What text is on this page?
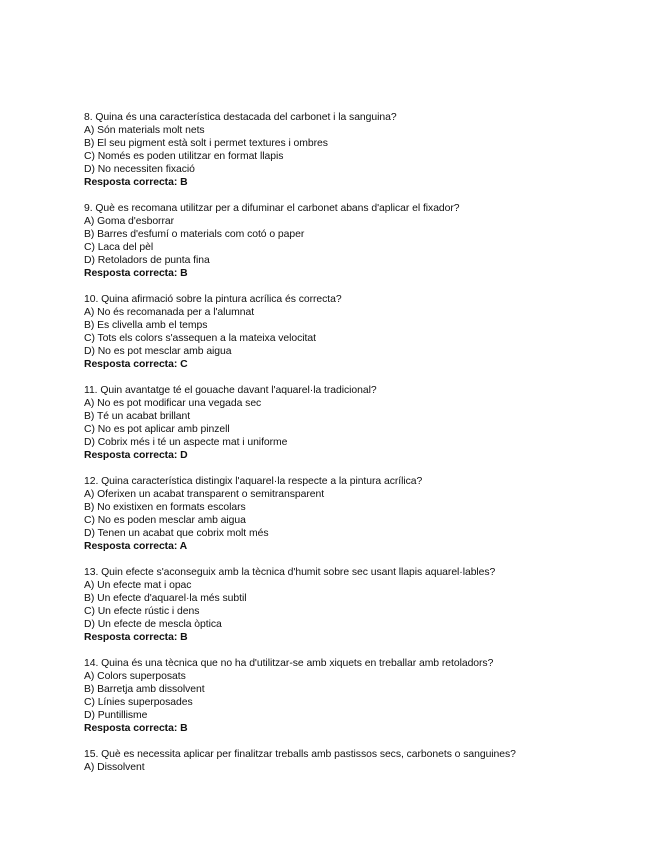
8. Quina és una característica destacada del carbonet i la sanguina?
A) Són materials molt nets
B) El seu pigment està solt i permet textures i ombres
C) Només es poden utilitzar en format llapis
D) No necessiten fixació
Resposta correcta: B
9. Què es recomana utilitzar per a difuminar el carbonet abans d'aplicar el fixador?
A) Goma d'esborrar
B) Barres d'esfumí o materials com cotó o paper
C) Laca del pèl
D) Retoladors de punta fina
Resposta correcta: B
10. Quina afirmació sobre la pintura acrílica és correcta?
A) No és recomanada per a l'alumnat
B) Es clivella amb el temps
C) Tots els colors s'assequen a la mateixa velocitat
D) No es pot mesclar amb aigua
Resposta correcta: C
11. Quin avantatge té el gouache davant l'aquarel·la tradicional?
A) No es pot modificar una vegada sec
B) Té un acabat brillant
C) No es pot aplicar amb pinzell
D) Cobrix més i té un aspecte mat i uniforme
Resposta correcta: D
12. Quina característica distingix l'aquarel·la respecte a la pintura acrílica?
A) Oferixen un acabat transparent o semitransparent
B) No existixen en formats escolars
C) No es poden mesclar amb aigua
D) Tenen un acabat que cobrix molt més
Resposta correcta: A
13. Quin efecte s'aconseguix amb la tècnica d'humit sobre sec usant llapis aquarel·lables?
A) Un efecte mat i opac
B) Un efecte d'aquarel·la més subtil
C) Un efecte rústic i dens
D) Un efecte de mescla òptica
Resposta correcta: B
14. Quina és una tècnica que no ha d'utilitzar-se amb xiquets en treballar amb retoladors?
A) Colors superposats
B) Barretja amb dissolvent
C) Línies superposades
D) Puntillisme
Resposta correcta: B
15. Què es necessita aplicar per finalitzar treballs amb pastissos secs, carbonets o sanguines?
A) Dissolvent
